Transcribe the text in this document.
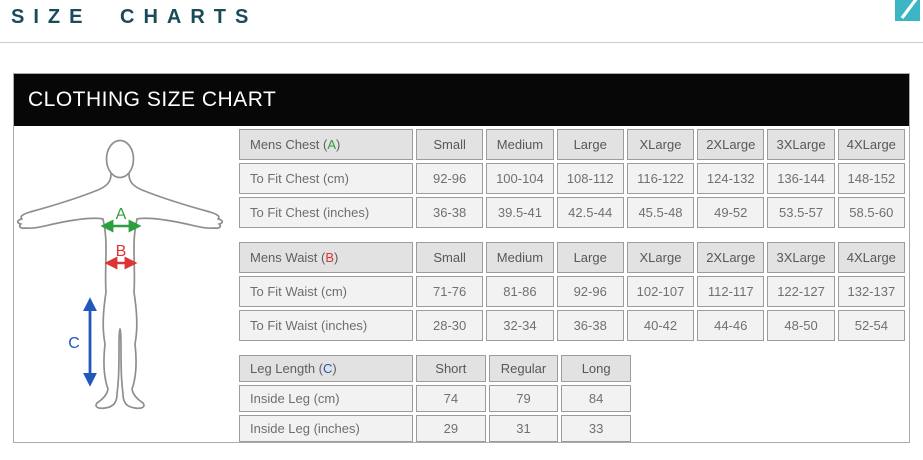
SIZE CHARTS
CLOTHING SIZE CHART
A
B
C
Mens Chest (A)	Small	Medium	Large	XLarge	2XLarge	3XLarge	4XLarge
To Fit Chest (cm)	92-96	100-104	108-112	116-122	124-132	136-144	148-152
To Fit Chest (inches)	36-38	39.5-41	42.5-44	45.5-48	49-52	53.5-57	58.5-60
Mens Waist (B)	Small	Medium	Large	XLarge	2XLarge	3XLarge	4XLarge
To Fit Waist (cm)	71-76	81-86	92-96	102-107	112-117	122-127	132-137
To Fit Waist (inches)	28-30	32-34	36-38	40-42	44-46	48-50	52-54
Leg Length (C)	Short	Regular	Long
Inside Leg (cm)	74	79	84
Inside Leg (inches)	29	31	33
